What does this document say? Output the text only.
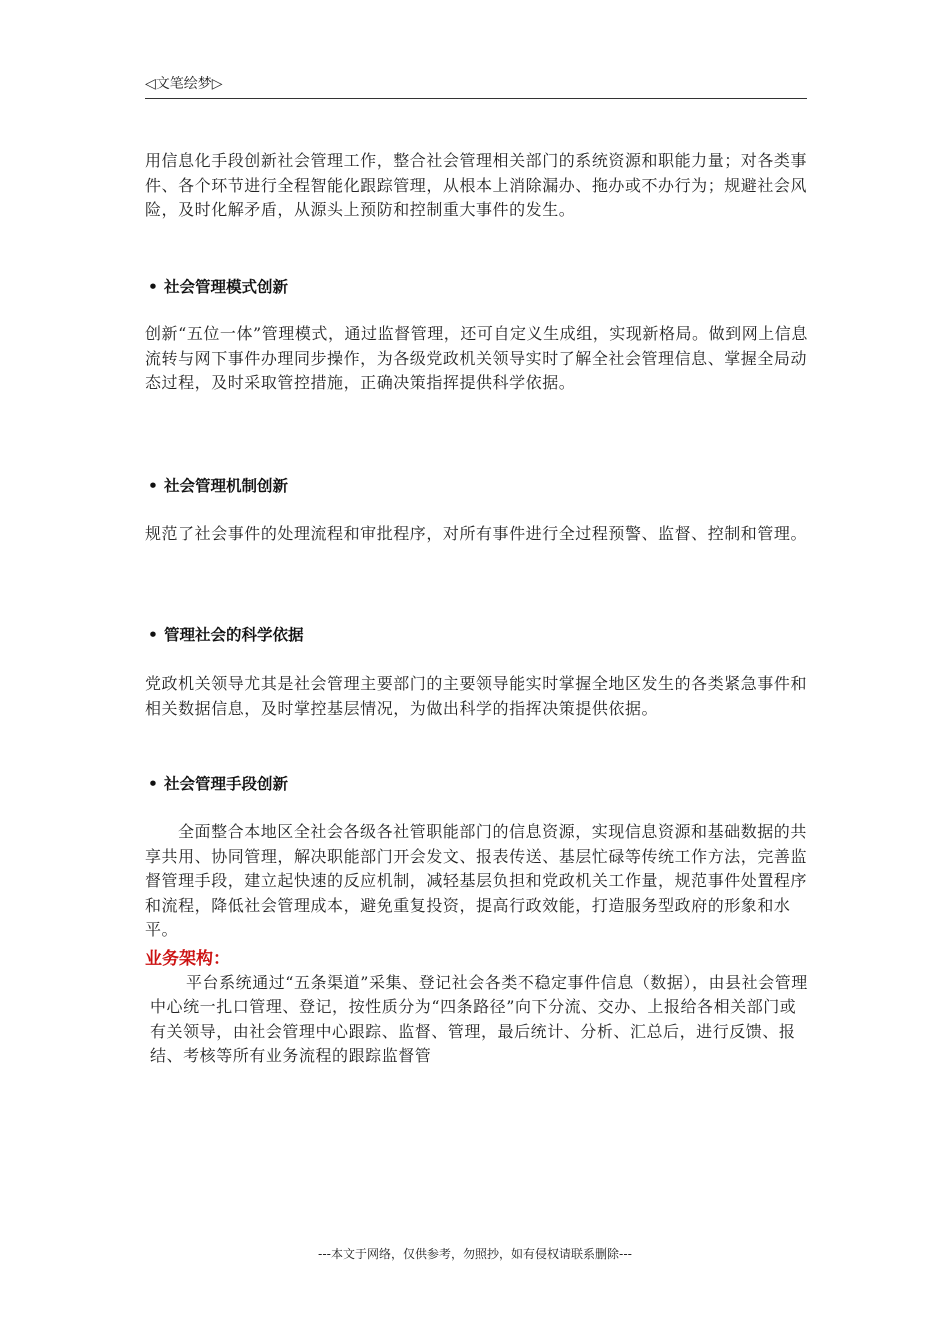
◁文笔绘梦▷

用信息化手段创新社会管理工作，整合社会管理相关部门的系统资源和职能力量；对各类事件、各个环节进行全程智能化跟踪管理，从根本上消除漏办、拖办或不办行为；规避社会风险，及时化解矛盾，从源头上预防和控制重大事件的发生。

• 社会管理模式创新

创新“五位一体”管理模式，通过监督管理，还可自定义生成组，实现新格局。做到网上信息流转与网下事件办理同步操作，为各级党政机关领导实时了解全社会管理信息、掌握全局动态过程，及时采取管控措施，正确决策指挥提供科学依据。

• 社会管理机制创新

规范了社会事件的处理流程和审批程序，对所有事件进行全过程预警、监督、控制和管理。

• 管理社会的科学依据

党政机关领导尤其是社会管理主要部门的主要领导能实时掌握全地区发生的各类紧急事件和相关数据信息，及时掌控基层情况，为做出科学的指挥决策提供依据。

• 社会管理手段创新

全面整合本地区全社会各级各社管职能部门的信息资源，实现信息资源和基础数据的共享共用、协同管理，解决职能部门开会发文、报表传送、基层忙碌等传统工作方法，完善监督管理手段，建立起快速的反应机制，减轻基层负担和党政机关工作量，规范事件处置程序和流程，降低社会管理成本，避免重复投资，提高行政效能，打造服务型政府的形象和水平。

业务架构：

平台系统通过“五条渠道”采集、登记社会各类不稳定事件信息（数据），由县社会管理中心统一扎口管理、登记，按性质分为“四条路径”向下分流、交办、上报给各相关部门或有关领导，由社会管理中心跟踪、监督、管理，最后统计、分析、汇总后，进行反馈、报结、考核等所有业务流程的跟踪监督管

---本文于网络，仅供参考，勿照抄，如有侵权请联系删除---
